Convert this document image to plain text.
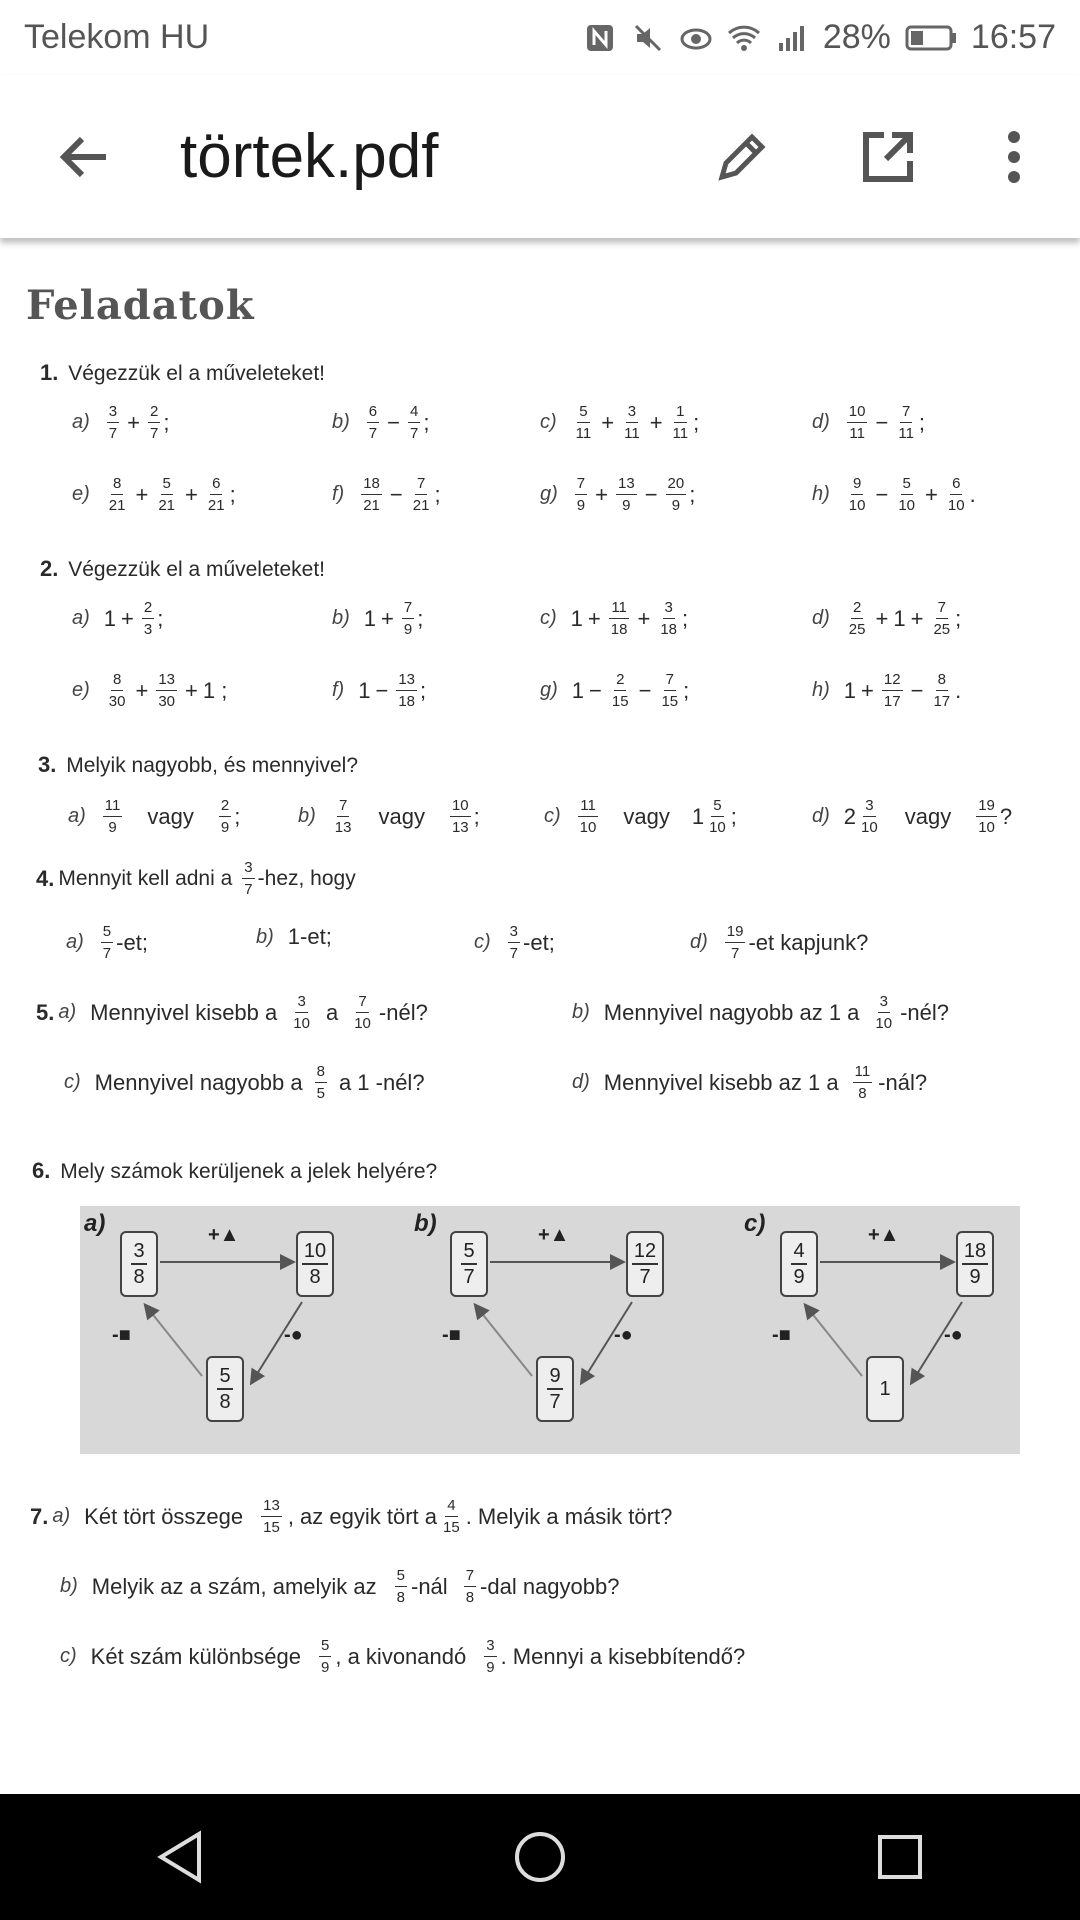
Telekom HU	28% 16:57
törtek.pdf
Feladatok
1. Végezzük el a műveleteket!
$a) \frac{3}{7} + \frac{2}{7}$ ;	$b) \frac{6}{7} - \frac{4}{7}$ ;	$c) \frac{5}{11} + \frac{3}{11} + \frac{1}{11}$ ;	$d) \frac{10}{11} - \frac{7}{11}$ ;
$e) \frac{8}{21} + \frac{5}{21} + \frac{6}{21}$ ;	$f) \frac{18}{21} - \frac{7}{21}$ ;	$g) \frac{7}{9} + \frac{13}{9} - \frac{20}{9}$ ;	$h) \frac{9}{10} - \frac{5}{10} + \frac{6}{10}$ .
2. Végezzük el a műveleteket!
a) $1 + \frac{2}{3}$ ;	b) $1 + \frac{7}{9}$ ;	c) $1 + \frac{11}{18} + \frac{3}{18}$ ;	$d) \frac{2}{25} + 1 + \frac{7}{25}$ ;
$e) \frac{8}{30} + \frac{13}{30} + 1$ ;	f) $1 - \frac{13}{18}$ ;	g) $1 - \frac{2}{15} - \frac{7}{15}$ ;	h) $1 + \frac{12}{17} - \frac{8}{17}$ .
3. Melyik nagyobb, és mennyivel?
$a) \frac{11}{9}$ vagy $\frac{2}{9}$ ;	$b) \frac{7}{13}$ vagy $\frac{10}{13}$ ;	$c) \frac{11}{10}$ vagy $1 \frac{5}{10}$ ;	d) $2 \frac{3}{10}$ vagy $\frac{19}{10}$ ?
4. Mennyit kell adni a $\frac{3}{7} -hez$, hogy
$a) \frac{5}{7} -et$;	b) 1 -et;	$c) \frac{3}{7} -et$;	$d) \frac{19}{7} -et$ kapjunk?
5. a) Mennyivel kisebb a $\frac{3}{10}$ a $\frac{7}{10}$ -nél?	b) Mennyivel nagyobb az 1 a $\frac{3}{10}$ -nél?
c) Mennyivel nagyobb a $\frac{8}{5}$ a 1 -nél?	d) Mennyivel kisebb az 1 a $\frac{11}{8}$ -nál?
6. Mely számok kerüljenek a jelek helyére?
a)
3
8
10
8
5
8
+▲
-■	-●
b)
5
7
12
7
9
7
+▲
-■	-●
c)
4
9
18
9
1
+▲
-■	-●
7. a) Két tört összege $\frac{13}{15}$ , az egyik tört a $\frac{4}{15}$ . Melyik a másik tört?
b) Melyik az a szám, amelyik az $\frac{5}{8}$ -nál $\frac{7}{8} -dal$ nagyobb?
c) Két szám különbsége $\frac{5}{9}$ , a kivonandó $\frac{3}{9}$ . Mennyi a kisebbítendő?
